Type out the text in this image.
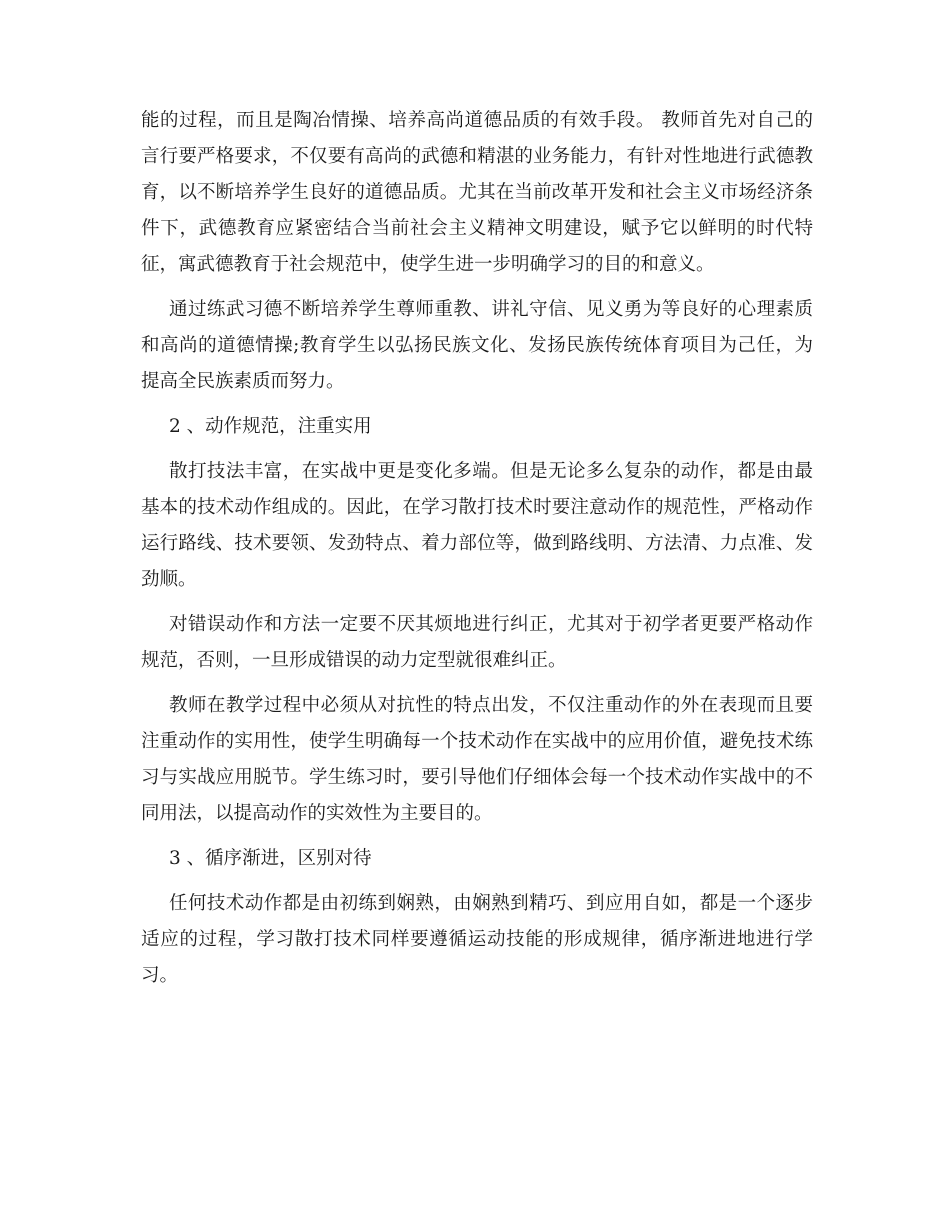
能的过程，而且是陶冶情操、培养高尚道德品质的有效手段。 教师首先对自己的
言行要严格要求，不仅要有高尚的武德和精湛的业务能力，有针对性地进行武德教
育，以不断培养学生良好的道德品质。尤其在当前改革开发和社会主义市场经济条
件下，武德教育应紧密结合当前社会主义精神文明建设，赋予它以鲜明的时代特
征，寓武德教育于社会规范中，使学生进一步明确学习的目的和意义。
通过练武习德不断培养学生尊师重教、讲礼守信、见义勇为等良好的心理素质
和高尚的道德情操;教育学生以弘扬民族文化、发扬民族传统体育项目为己任，为
提高全民族素质而努力。
2 、动作规范，注重实用
散打技法丰富，在实战中更是变化多端。但是无论多么复杂的动作，都是由最
基本的技术动作组成的。因此，在学习散打技术时要注意动作的规范性，严格动作
运行路线、技术要领、发劲特点、着力部位等，做到路线明、方法清、力点准、发
劲顺。
对错误动作和方法一定要不厌其烦地进行纠正，尤其对于初学者更要严格动作
规范，否则，一旦形成错误的动力定型就很难纠正。
教师在教学过程中必须从对抗性的特点出发，不仅注重动作的外在表现而且要
注重动作的实用性，使学生明确每一个技术动作在实战中的应用价值，避免技术练
习与实战应用脱节。学生练习时，要引导他们仔细体会每一个技术动作实战中的不
同用法，以提高动作的实效性为主要目的。
3 、循序渐进，区别对待
任何技术动作都是由初练到娴熟，由娴熟到精巧、到应用自如，都是一个逐步
适应的过程，学习散打技术同样要遵循运动技能的形成规律，循序渐进地进行学
习。
